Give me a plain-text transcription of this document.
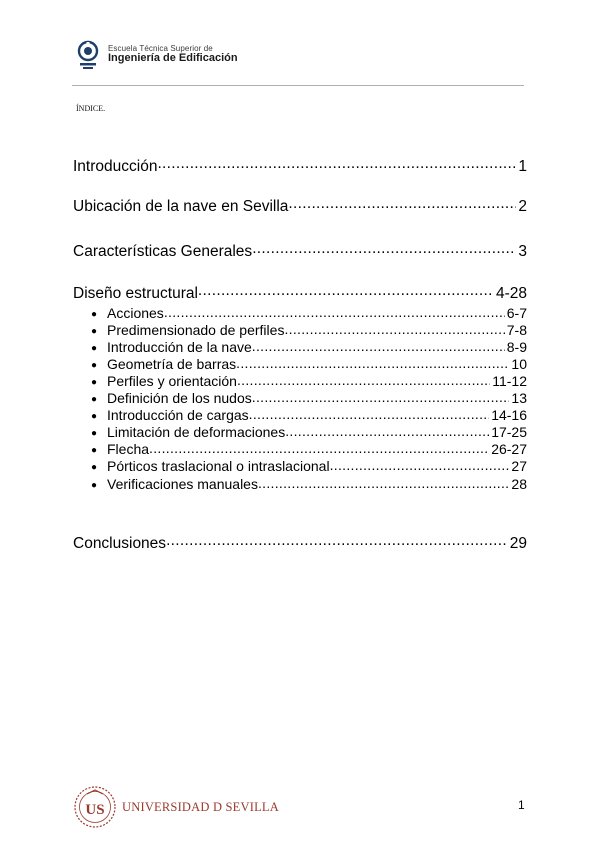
Escuela Técnica Superior de
Ingeniería de Edificación
ÍNDICE.
Introducción .....	1
Ubicación de la nave en Sevilla .....	2
Características Generales .....	3
Diseño estructural .....	4-28
● Acciones .....	6-7
● Predimensionado de perfiles .....	7-8
● Introducción de la nave .....	8-9
● Geometría de barras .....	10
● Perfiles y orientación .....	11-12
● Definición de los nudos .....	13
● Introducción de cargas .....	14-16
● Limitación de deformaciones .....	17-25
● Flecha .....	26-27
● Pórticos traslacional o intraslacional .....	27
● Verificaciones manuales .....	28
Conclusiones .....	29
US UNIVERSIDAD D SEVILLA	1
